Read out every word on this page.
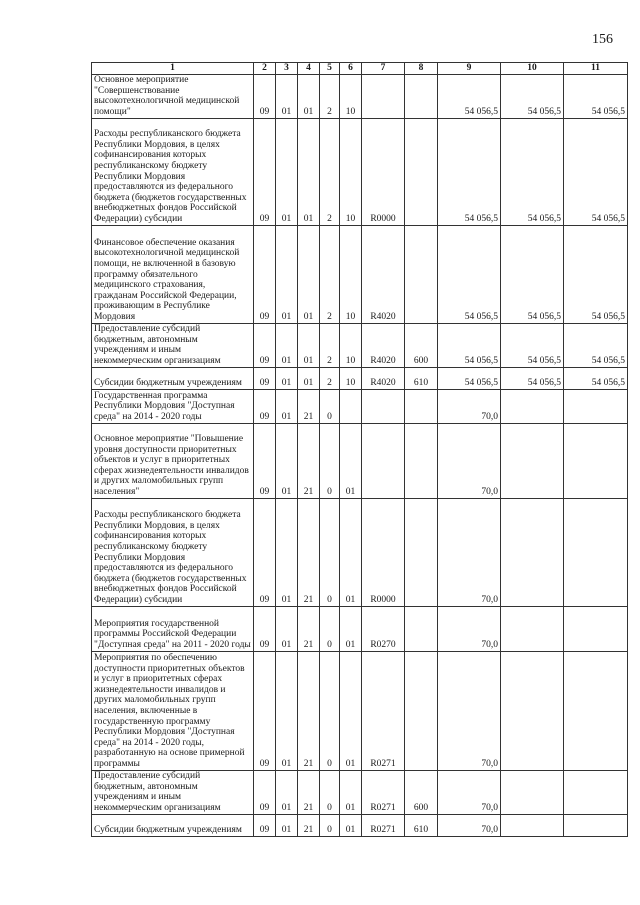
156
1	2	3	4	5	6	7	8	9	10	11
Основное мероприятие "Совершенствование высокотехнологичной медицинской помощи"	09	01	01	2	10			54 056,5	54 056,5	54 056,5
Расходы республиканского бюджета Республики Мордовия, в целях софинансирования которых республиканскому бюджету Республики Мордовия предоставляются из федерального бюджета (бюджетов государственных внебюджетных фондов Российской Федерации) субсидии	09	01	01	2	10	R0000		54 056,5	54 056,5	54 056,5
Финансовое обеспечение оказания высокотехнологичной медицинской помощи, не включенной в базовую программу обязательного медицинского страхования, гражданам Российской Федерации, проживающим в Республике Мордовия	09	01	01	2	10	R4020		54 056,5	54 056,5	54 056,5
Предоставление субсидий бюджетным, автономным учреждениям и иным некоммерческим организациям	09	01	01	2	10	R4020	600	54 056,5	54 056,5	54 056,5
Субсидии бюджетным учреждениям	09	01	01	2	10	R4020	610	54 056,5	54 056,5	54 056,5
Государственная программа Республики Мордовия "Доступная среда" на 2014 - 2020 годы	09	01	21	0				70,0		
Основное мероприятие "Повышение уровня доступности приоритетных объектов и услуг в приоритетных сферах жизнедеятельности инвалидов и других маломобильных групп населения"	09	01	21	0	01			70,0		
Расходы республиканского бюджета Республики Мордовия, в целях софинансирования которых республиканскому бюджету Республики Мордовия предоставляются из федерального бюджета (бюджетов государственных внебюджетных фондов Российской Федерации) субсидии	09	01	21	0	01	R0000		70,0		
Мероприятия государственной программы Российской Федерации "Доступная среда" на 2011 - 2020 годы	09	01	21	0	01	R0270		70,0		
Мероприятия по обеспечению доступности приоритетных объектов и услуг в приоритетных сферах жизнедеятельности инвалидов и других маломобильных групп населения, включенные в государственную программу Республики Мордовия "Доступная среда" на 2014 - 2020 годы, разработанную на основе примерной программы	09	01	21	0	01	R0271		70,0		
Предоставление субсидий бюджетным, автономным учреждениям и иным некоммерческим организациям	09	01	21	0	01	R0271	600	70,0		
Субсидии бюджетным учреждениям	09	01	21	0	01	R0271	610	70,0		
